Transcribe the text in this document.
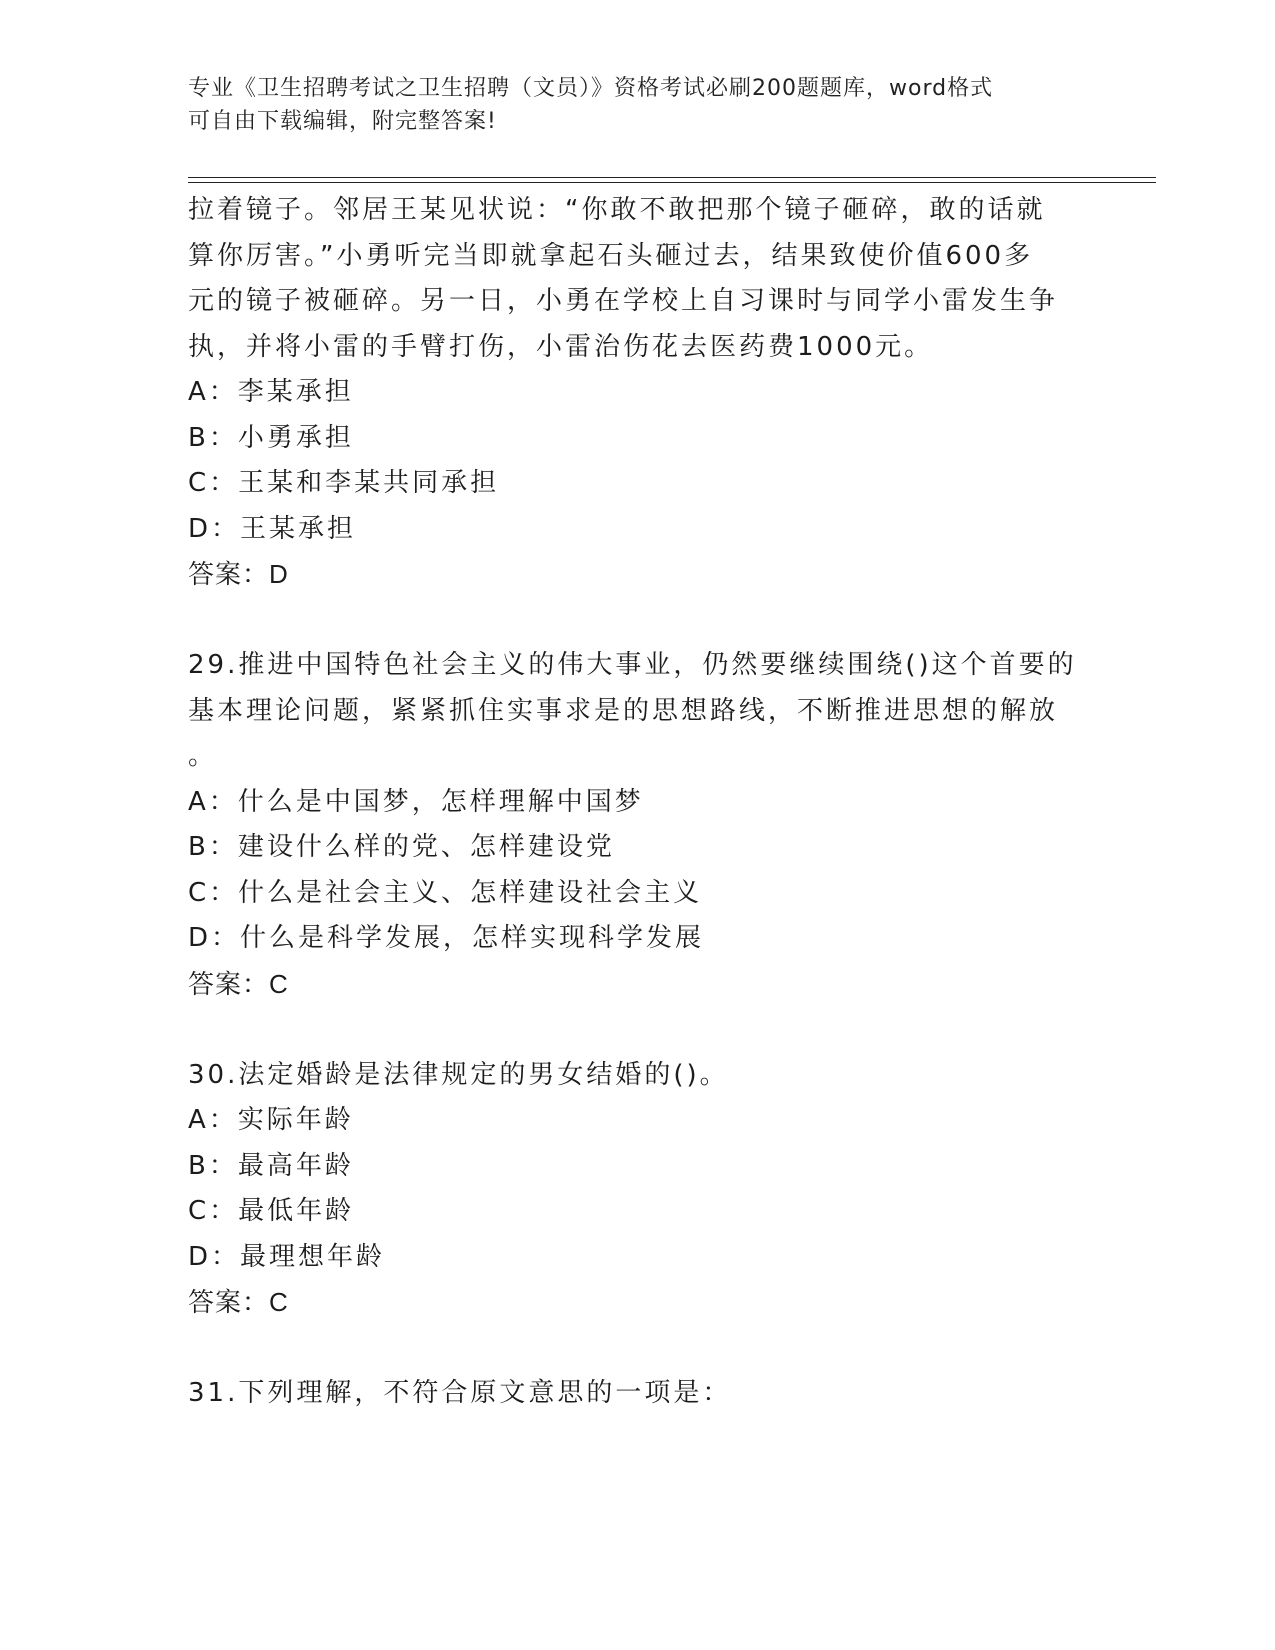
专业《卫生招聘考试之卫生招聘（文员）》资格考试必刷200题题库，word格式
可自由下载编辑，附完整答案!
拉着镜子。邻居王某见状说：“你敢不敢把那个镜子砸碎，敢的话就
算你厉害。”小勇听完当即就拿起石头砸过去，结果致使价值600多
元的镜子被砸碎。另一日，小勇在学校上自习课时与同学小雷发生争
执，并将小雷的手臂打伤，小雷治伤花去医药费1000元。
A：李某承担
B：小勇承担
C：王某和李某共同承担
D：王某承担
答案：D
29.推进中国特色社会主义的伟大事业，仍然要继续围绕()这个首要的
基本理论问题，紧紧抓住实事求是的思想路线，不断推进思想的解放
。
A：什么是中国梦，怎样理解中国梦
B：建设什么样的党、怎样建设党
C：什么是社会主义、怎样建设社会主义
D：什么是科学发展，怎样实现科学发展
答案：C
30.法定婚龄是法律规定的男女结婚的()。
A：实际年龄
B：最高年龄
C：最低年龄
D：最理想年龄
答案：C
31.下列理解，不符合原文意思的一项是：
